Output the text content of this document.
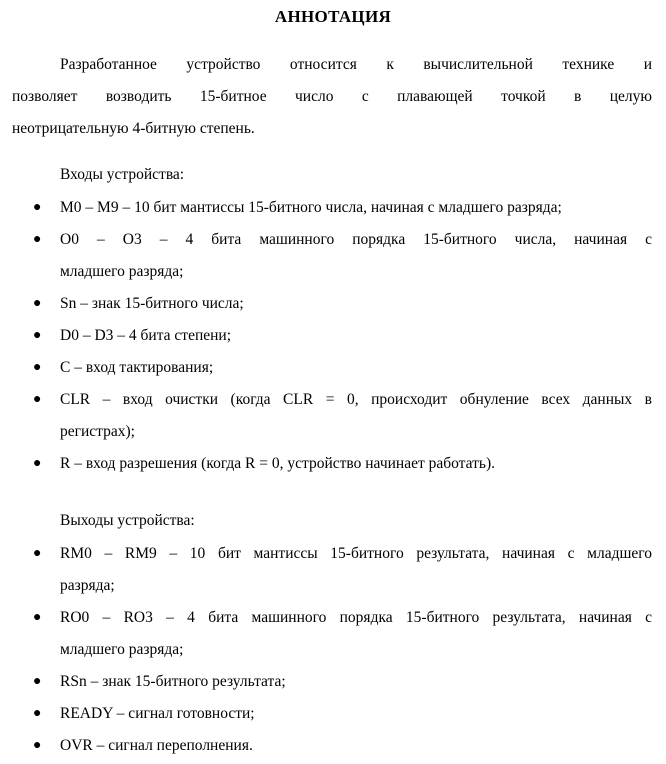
АННОТАЦИЯ
Разработанное устройство относится к вычислительной технике и
позволяет возводить 15-битное число с плавающей точкой в целую
неотрицательную 4-битную степень.
Входы устройства:
● M0 – M9 – 10 бит мантиссы 15-битного числа, начиная с младшего разряда;
● O0 – O3 – 4 бита машинного порядка 15-битного числа, начиная с
младшего разряда;
● Sn – знак 15-битного числа;
● D0 – D3 – 4 бита степени;
● C – вход тактирования;
● CLR – вход очистки (когда CLR = 0, происходит обнуление всех данных в
регистрах);
● R – вход разрешения (когда R = 0, устройство начинает работать).
Выходы устройства:
● RM0 – RM9 – 10 бит мантиссы 15-битного результата, начиная с младшего
разряда;
● RO0 – RO3 – 4 бита машинного порядка 15-битного результата, начиная с
младшего разряда;
● RSn – знак 15-битного результата;
● READY – сигнал готовности;
● OVR – сигнал переполнения.
